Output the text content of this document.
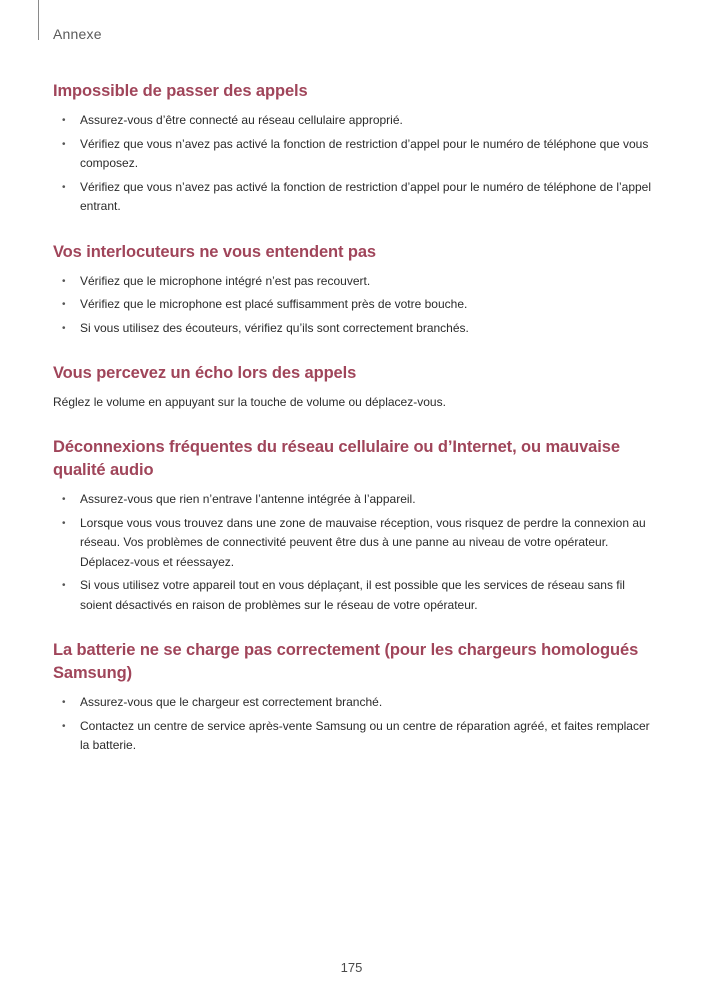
Annexe
Impossible de passer des appels
• Assurez-vous d’être connecté au réseau cellulaire approprié.
• Vérifiez que vous n’avez pas activé la fonction de restriction d’appel pour le numéro de téléphone que vous composez.
• Vérifiez que vous n’avez pas activé la fonction de restriction d’appel pour le numéro de téléphone de l’appel entrant.
Vos interlocuteurs ne vous entendent pas
• Vérifiez que le microphone intégré n’est pas recouvert.
• Vérifiez que le microphone est placé suffisamment près de votre bouche.
• Si vous utilisez des écouteurs, vérifiez qu’ils sont correctement branchés.
Vous percevez un écho lors des appels

Réglez le volume en appuyant sur la touche de volume ou déplacez-vous.

Déconnexions fréquentes du réseau cellulaire ou d’Internet, ou mauvaise qualité audio
• Assurez-vous que rien n’entrave l’antenne intégrée à l’appareil.
• Lorsque vous vous trouvez dans une zone de mauvaise réception, vous risquez de perdre la connexion au réseau. Vos problèmes de connectivité peuvent être dus à une panne au niveau de votre opérateur. Déplacez-vous et réessayez.
• Si vous utilisez votre appareil tout en vous déplaçant, il est possible que les services de réseau sans fil soient désactivés en raison de problèmes sur le réseau de votre opérateur.
La batterie ne se charge pas correctement (pour les chargeurs homologués Samsung)
• Assurez-vous que le chargeur est correctement branché.
• Contactez un centre de service après-vente Samsung ou un centre de réparation agréé, et faites remplacer la batterie.
175
